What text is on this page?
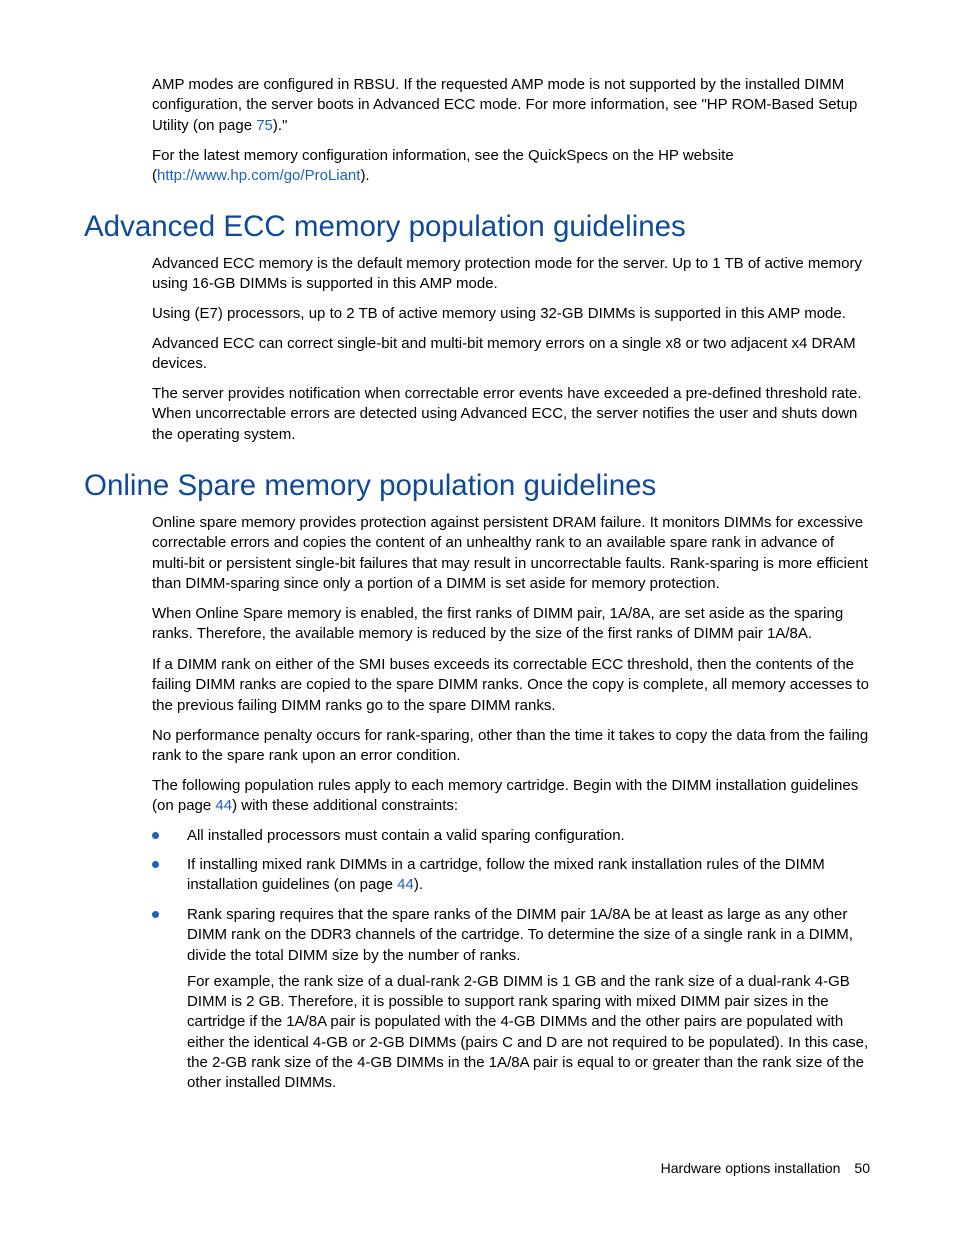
AMP modes are configured in RBSU. If the requested AMP mode is not supported by the installed DIMM configuration, the server boots in Advanced ECC mode. For more information, see "HP ROM-Based Setup Utility (on page 75)."

For the latest memory configuration information, see the QuickSpecs on the HP website (http://www.hp.com/go/ProLiant).

Advanced ECC memory population guidelines

Advanced ECC memory is the default memory protection mode for the server. Up to 1 TB of active memory using 16-GB DIMMs is supported in this AMP mode.

Using (E7) processors, up to 2 TB of active memory using 32-GB DIMMs is supported in this AMP mode.

Advanced ECC can correct single-bit and multi-bit memory errors on a single x8 or two adjacent x4 DRAM devices.

The server provides notification when correctable error events have exceeded a pre-defined threshold rate. When uncorrectable errors are detected using Advanced ECC, the server notifies the user and shuts down the operating system.

Online Spare memory population guidelines

Online spare memory provides protection against persistent DRAM failure. It monitors DIMMs for excessive correctable errors and copies the content of an unhealthy rank to an available spare rank in advance of multi-bit or persistent single-bit failures that may result in uncorrectable faults. Rank-sparing is more efficient than DIMM-sparing since only a portion of a DIMM is set aside for memory protection.

When Online Spare memory is enabled, the first ranks of DIMM pair, 1A/8A, are set aside as the sparing ranks. Therefore, the available memory is reduced by the size of the first ranks of DIMM pair 1A/8A.

If a DIMM rank on either of the SMI buses exceeds its correctable ECC threshold, then the contents of the failing DIMM ranks are copied to the spare DIMM ranks. Once the copy is complete, all memory accesses to the previous failing DIMM ranks go to the spare DIMM ranks.

No performance penalty occurs for rank-sparing, other than the time it takes to copy the data from the failing rank to the spare rank upon an error condition.

The following population rules apply to each memory cartridge. Begin with the DIMM installation guidelines (on page 44) with these additional constraints:

All installed processors must contain a valid sparing configuration.
If installing mixed rank DIMMs in a cartridge, follow the mixed rank installation rules of the DIMM installation guidelines (on page 44).
Rank sparing requires that the spare ranks of the DIMM pair 1A/8A be at least as large as any other DIMM rank on the DDR3 channels of the cartridge. To determine the size of a single rank in a DIMM, divide the total DIMM size by the number of ranks.
For example, the rank size of a dual-rank 2-GB DIMM is 1 GB and the rank size of a dual-rank 4-GB DIMM is 2 GB. Therefore, it is possible to support rank sparing with mixed DIMM pair sizes in the cartridge if the 1A/8A pair is populated with the 4-GB DIMMs and the other pairs are populated with either the identical 4-GB or 2-GB DIMMs (pairs C and D are not required to be populated). In this case, the 2-GB rank size of the 4-GB DIMMs in the 1A/8A pair is equal to or greater than the rank size of the other installed DIMMs.
Hardware options installation 50
